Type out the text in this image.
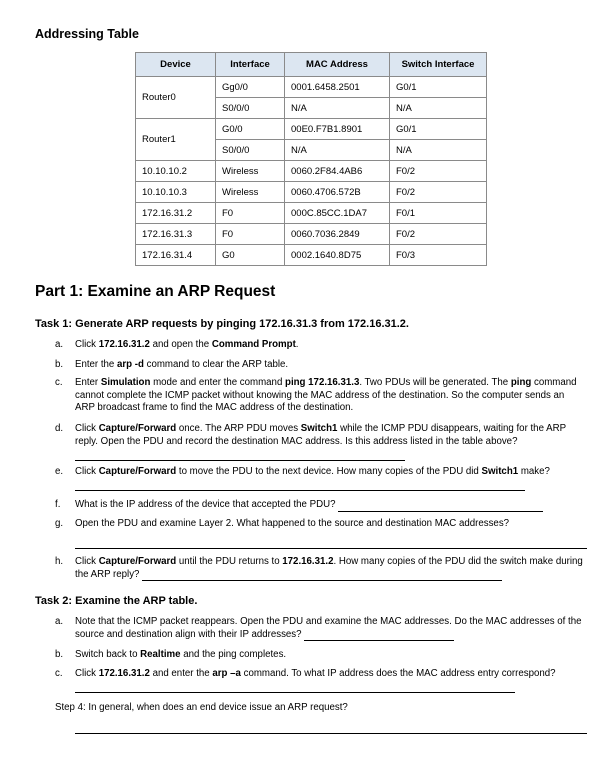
Addressing Table
Device	Interface	MAC Address	Switch Interface
Router0	Gg0/0	0001.6458.2501	G0/1
	S0/0/0	N/A	N/A
Router1	G0/0	00E0.F7B1.8901	G0/1
	S0/0/0	N/A	N/A
10.10.10.2	Wireless	0060.2F84.4AB6	F0/2
10.10.10.3	Wireless	0060.4706.572B	F0/2
172.16.31.2	F0	000C.85CC.1DA7	F0/1
172.16.31.3	F0	0060.7036.2849	F0/2
172.16.31.4	G0	0002.1640.8D75	F0/3
Part 1: Examine an ARP Request
Task 1: Generate ARP requests by pinging 172.16.31.3 from 172.16.31.2.
a. Click 172.16.31.2 and open the Command Prompt.
b. Enter the arp -d command to clear the ARP table.
c. Enter Simulation mode and enter the command ping 172.16.31.3. Two PDUs will be generated. The ping command cannot complete the ICMP packet without knowing the MAC address of the destination. So the computer sends an ARP broadcast frame to find the MAC address of the destination.
d. Click Capture/Forward once. The ARP PDU moves Switch1 while the ICMP PDU disappears, waiting for the ARP reply. Open the PDU and record the destination MAC address. Is this address listed in the table above?
e. Click Capture/Forward to move the PDU to the next device. How many copies of the PDU did Switch1 make?
f. What is the IP address of the device that accepted the PDU?
g. Open the PDU and examine Layer 2. What happened to the source and destination MAC addresses?
h. Click Capture/Forward until the PDU returns to 172.16.31.2. How many copies of the PDU did the switch make during the ARP reply?
Task 2: Examine the ARP table.
a. Note that the ICMP packet reappears. Open the PDU and examine the MAC addresses. Do the MAC addresses of the source and destination align with their IP addresses?
b. Switch back to Realtime and the ping completes.
c. Click 172.16.31.2 and enter the arp –a command. To what IP address does the MAC address entry correspond?
Step 4: In general, when does an end device issue an ARP request?
